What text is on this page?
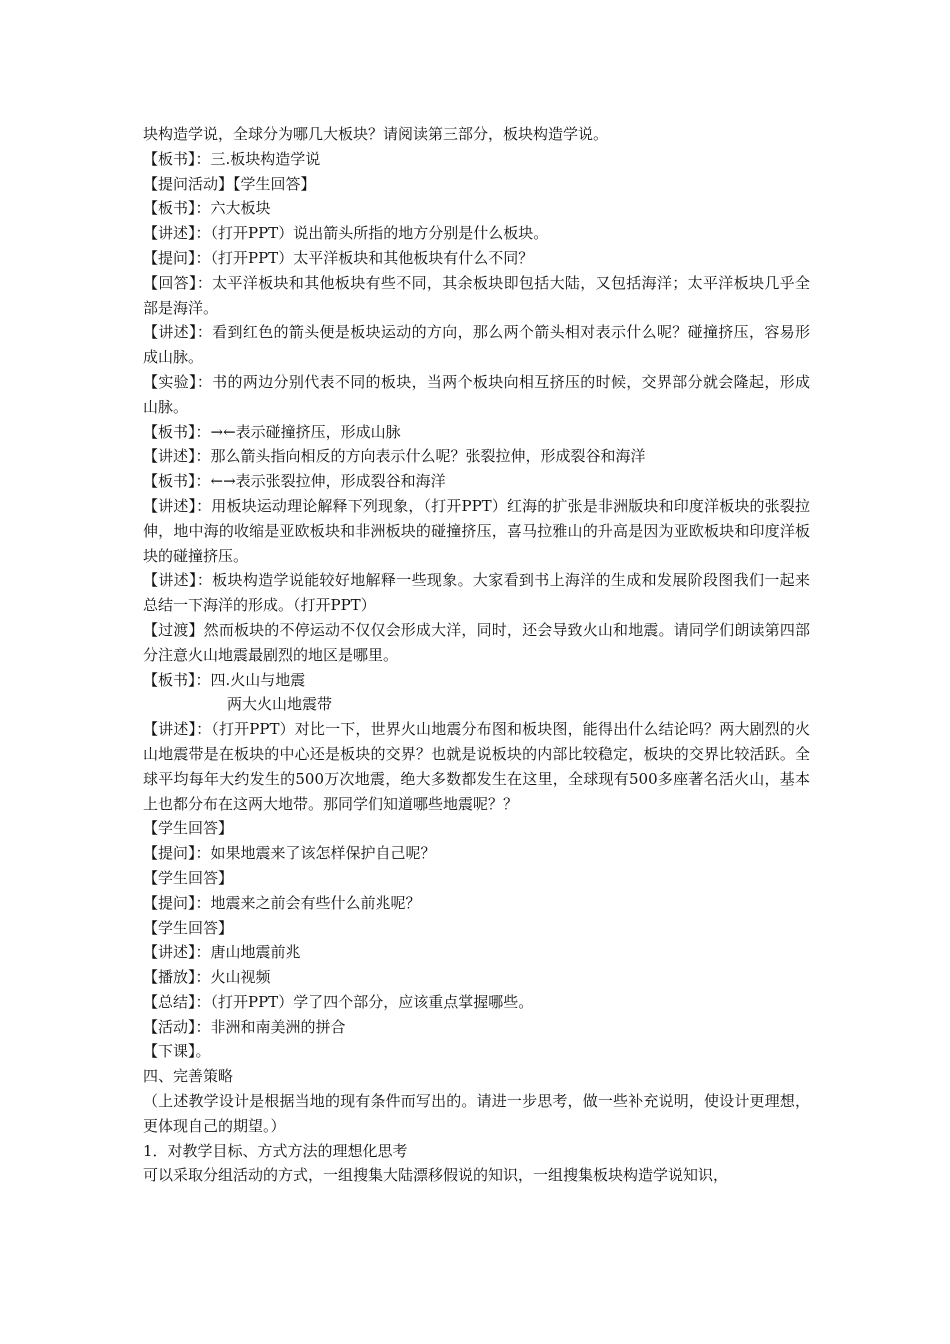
块构造学说，全球分为哪几大板块？请阅读第三部分，板块构造学说。

【板书】：三.板块构造学说

【提问活动】【学生回答】

【板书】：六大板块

【讲述】：（打开PPT）说出箭头所指的地方分别是什么板块。

【提问】：（打开PPT）太平洋板块和其他板块有什么不同？

【回答】：太平洋板块和其他板块有些不同，其余板块即包括大陆，又包括海洋；太平洋板块几乎全部是海洋。

【讲述】：看到红色的箭头便是板块运动的方向，那么两个箭头相对表示什么呢？碰撞挤压，容易形成山脉。

【实验】：书的两边分别代表不同的板块，当两个板块向相互挤压的时候，交界部分就会隆起，形成山脉。

【板书】：→←表示碰撞挤压，形成山脉

【讲述】：那么箭头指向相反的方向表示什么呢？张裂拉伸，形成裂谷和海洋

【板书】：←→表示张裂拉伸，形成裂谷和海洋

【讲述】：用板块运动理论解释下列现象，（打开PPT）红海的扩张是非洲版块和印度洋板块的张裂拉伸，地中海的收缩是亚欧板块和非洲板块的碰撞挤压，喜马拉雅山的升高是因为亚欧板块和印度洋板块的碰撞挤压。

【讲述】：板块构造学说能较好地解释一些现象。大家看到书上海洋的生成和发展阶段图我们一起来总结一下海洋的形成。（打开PPT）

【过渡】然而板块的不停运动不仅仅会形成大洋，同时，还会导致火山和地震。请同学们朗读第四部分注意火山地震最剧烈的地区是哪里。

【板书】：四.火山与地震

两大火山地震带

【讲述】：（打开PPT）对比一下，世界火山地震分布图和板块图，能得出什么结论吗？两大剧烈的火山地震带是在板块的中心还是板块的交界？也就是说板块的内部比较稳定，板块的交界比较活跃。全球平均每年大约发生的500万次地震，绝大多数都发生在这里，全球现有500多座著名活火山，基本上也都分布在这两大地带。那同学们知道哪些地震呢？？

【学生回答】

【提问】：如果地震来了该怎样保护自己呢？

【学生回答】

【提问】：地震来之前会有些什么前兆呢？

【学生回答】

【讲述】：唐山地震前兆

【播放】：火山视频

【总结】：（打开PPT）学了四个部分，应该重点掌握哪些。

【活动】：非洲和南美洲的拼合

【下课】。

四、完善策略

（上述教学设计是根据当地的现有条件而写出的。请进一步思考，做一些补充说明，使设计更理想，更体现自己的期望。）

1．对教学目标、方式方法的理想化思考

可以采取分组活动的方式，一组搜集大陆漂移假说的知识，一组搜集板块构造学说知识，
